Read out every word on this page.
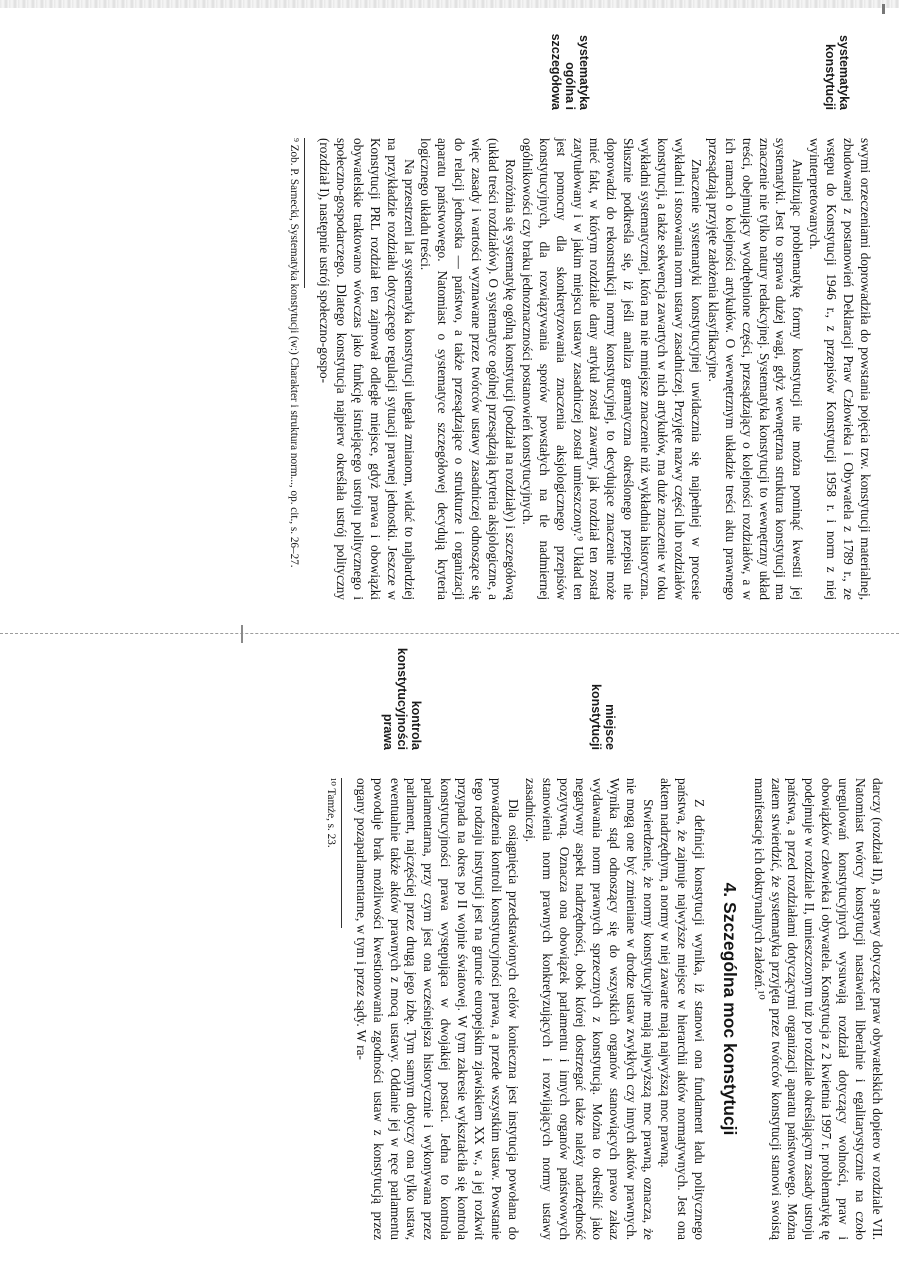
systematyka konstytucji
systematyka ogólna i szczegółowa

swymi orzeczeniami doprowadziła do powstania pojęcia tzw. konstytucji materialnej, zbudowanej z postanowień Deklaracji Praw Człowieka i Obywatela z 1789 r., ze wstępu do Konstytucji 1946 r., z przepisów Konstytucji 1958 r. i norm z niej wyinterpretowanych.

Analizując problematykę formy konstytucji nie można pominąć kwestii jej systematyki. Jest to sprawa dużej wagi, gdyż wewnętrzna struktura konstytucji ma znaczenie nie tylko natury redakcyjnej. Systematyka konstytucji to wewnętrzny układ treści, obejmujący wyodrębnione części, przesądzający o kolejności rozdziałów, a w ich ramach o kolejności artykułów. O wewnętrznym układzie treści aktu prawnego przesądzają przyjęte założenia klasyfikacyjne.

Znaczenie systematyki konstytucyjnej uwidacznia się najpełniej w procesie wykładni i stosowania norm ustawy zasadniczej. Przyjęte nazwy części lub rozdziałów konstytucji, a także sekwencja zawartych w nich artykułów, ma duże znaczenie w toku wykładni systematycznej, która ma nie mniejsze znaczenie niż wykładnia historyczna. Słusznie podkreśla się, iż jeśli analiza gramatyczna określonego przepisu nie doprowadzi do rekonstrukcji normy konstytucyjnej, to decydujące znaczenie może mieć fakt, w którym rozdziale dany artykuł został zawarty, jak rozdział ten został zatytułowany i w jakim miejscu ustawy zasadniczej został umieszczony.⁹ Układ ten jest pomocny dla skonkretyzowania znaczenia aksjologicznego przepisów konstytucyjnych, dla rozwiązywania sporów powstałych na tle nadmiernej ogólnikowości czy braku jednoznaczności postanowień konstytucyjnych.

Rozróżnia się systematykę ogólną konstytucji (podział na rozdziały) i szczegółową (układ treści rozdziałów). O systematyce ogólnej przesądzają kryteria aksjologiczne, a więc zasady i wartości wyznawane przez twórców ustawy zasadniczej odnoszące się do relacji jednostka — państwo, a także przesądzające o strukturze i organizacji aparatu państwowego. Natomiast o systematyce szczegółowej decydują kryteria logicznego układu treści.

Na przestrzeni lat systematyka konstytucji ulegała zmianom, widać to najbardziej na przykładzie rozdziału dotyczącego regulacji sytuacji prawnej jednostki. Jeszcze w Konstytucji PRL rozdział ten zajmował odległe miejsce, gdyż prawa i obowiązki obywatelskie traktowano wówczas jako funkcję istniejącego ustroju politycznego i społeczno-gospodarczego. Dlatego konstytucja najpierw określała ustrój polityczny (rozdział I), następnie ustrój społeczno-gospo-

⁹ Zob. P. Sarnecki, Systematyka konstytucji (w:) Charakter i struktura norm..., op. cit., s. 26–27.

miejsce konstytucji
kontrola konstytucyjności prawa

darczy (rozdział II), a sprawy dotyczące praw obywatelskich dopiero w rozdziale VII. Natomiast twórcy konstytucji nastawieni liberalnie i egalitarystycznie na czoło uregulowań konstytucyjnych wysuwają rozdział dotyczący wolności, praw i obowiązków człowieka i obywatela. Konstytucja z 2 kwietnia 1997 r. problematykę tę podejmuje w rozdziale II, umieszczonym tuż po rozdziale określającym zasady ustroju państwa, a przed rozdziałami dotyczącymi organizacji aparatu państwowego. Można zatem stwierdzić, że systematyka przyjęta przez twórców konstytucji stanowi swoistą manifestację ich doktrynalnych założeń.¹⁰

4. Szczególna moc konstytucji

Z definicji konstytucji wynika, iż stanowi ona fundament ładu politycznego państwa, że zajmuje najwyższe miejsce w hierarchii aktów normatywnych. Jest ona aktem nadrzędnym, a normy w niej zawarte mają najwyższą moc prawną.

Stwierdzenie, że normy konstytucyjne mają najwyższą moc prawną, oznacza, że nie mogą one być zmieniane w drodze ustaw zwykłych czy innych aktów prawnych. Wynika stąd odnoszący się do wszystkich organów stanowiących prawo zakaz wydawania norm prawnych sprzecznych z konstytucją. Można to określić jako negatywny aspekt nadrzędności, obok której dostrzegać także należy nadrzędność pozytywną. Oznacza ona obowiązek parlamentu i innych organów państwowych stanowienia norm prawnych konkretyzujących i rozwijających normy ustawy zasadniczej.

Dla osiągnięcia przedstawionych celów konieczna jest instytucja powołana do prowadzenia kontroli konstytucyjności prawa, a przede wszystkim ustaw. Powstanie tego rodzaju instytucji jest na gruncie europejskim zjawiskiem XX w., a jej rozkwit przypada na okres po II wojnie światowej. W tym zakresie wykształciła się kontrola konstytucyjności prawa występująca w dwojakiej postaci. Jedna to kontrola parlamentarna, przy czym jest ona wcześniejsza historycznie i wykonywana przez parlament, najczęściej przez drugą jego izbę. Tym samym dotyczy ona tylko ustaw, ewentualnie także aktów prawnych z mocą ustawy. Oddanie jej w ręce parlamentu powoduje brak możliwości kwestionowania zgodności ustaw z konstytucją przez organy pozaparlamentarne, w tym i przez sądy. W ra-

¹⁰ Tamże, s. 23.
